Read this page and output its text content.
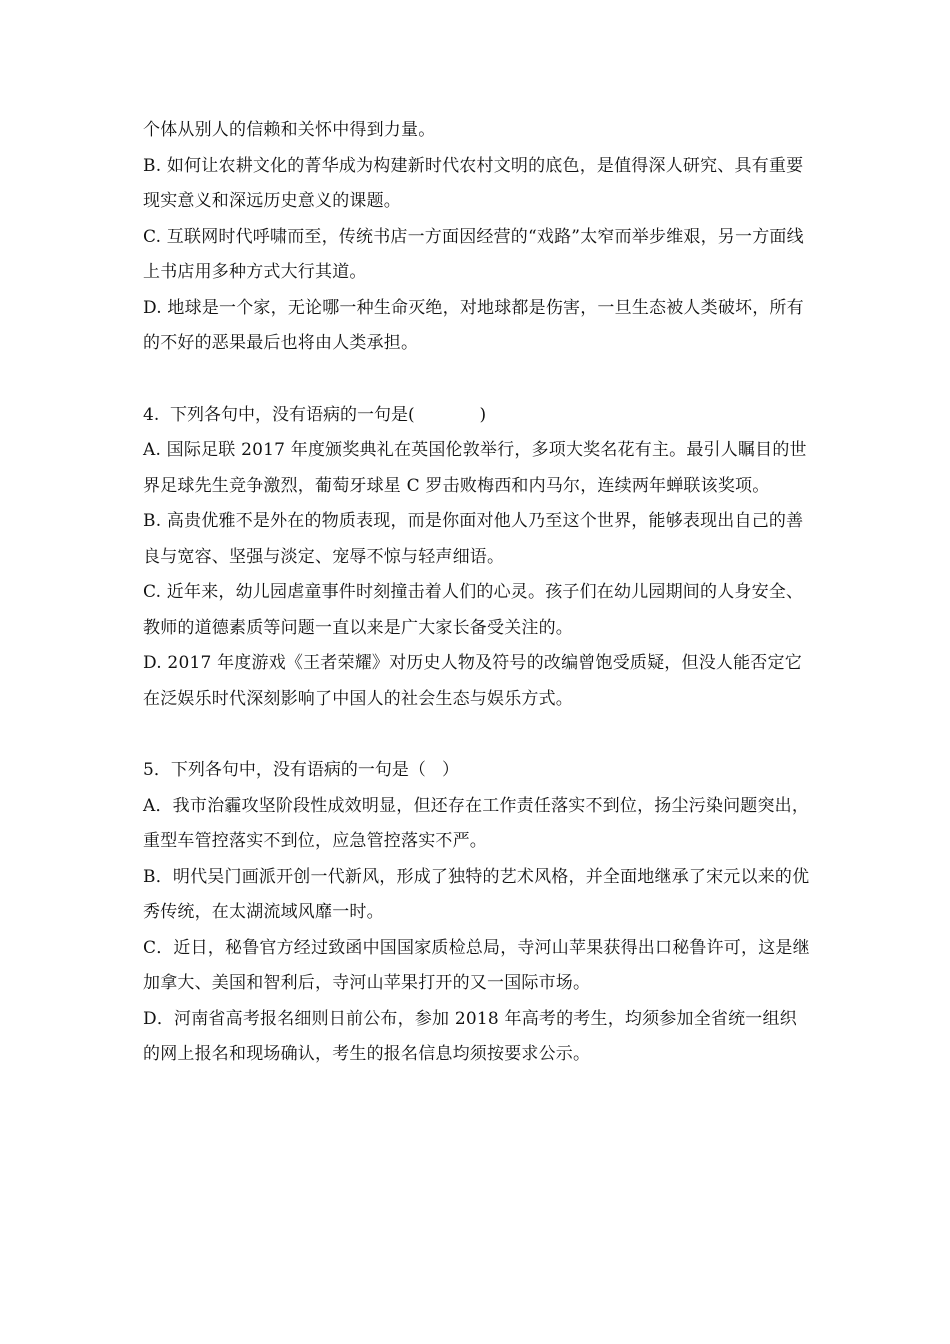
个体从别人的信赖和关怀中得到力量。

B. 如何让农耕文化的菁华成为构建新时代农村文明的底色，是值得深人研究、具有重要现实意义和深远历史意义的课题。

C. 互联网时代呼啸而至，传统书店一方面因经营的“戏路”太窄而举步维艰，另一方面线上书店用多种方式大行其道。

D. 地球是一个家，无论哪一种生命灭绝，对地球都是伤害，一旦生态被人类破坏，所有的不好的恶果最后也将由人类承担。

4.  下列各句中，没有语病的一句是(            )

A. 国际足联 2017 年度颁奖典礼在英国伦敦举行，多项大奖名花有主。最引人瞩目的世界足球先生竞争激烈，葡萄牙球星 C 罗击败梅西和内马尔，连续两年蝉联该奖项。

B. 高贵优雅不是外在的物质表现，而是你面对他人乃至这个世界，能够表现出自己的善良与宽容、坚强与淡定、宠辱不惊与轻声细语。

C. 近年来，幼儿园虐童事件时刻撞击着人们的心灵。孩子们在幼儿园期间的人身安全、教师的道德素质等问题一直以来是广大家长备受关注的。

D. 2017 年度游戏《王者荣耀》对历史人物及符号的改编曾饱受质疑，但没人能否定它在泛娱乐时代深刻影响了中国人的社会生态与娱乐方式。

5．下列各句中，没有语病的一句是（   ）

A．我市治霾攻坚阶段性成效明显，但还存在工作责任落实不到位，扬尘污染问题突出，重型车管控落实不到位，应急管控落实不严。

B．明代吴门画派开创一代新风，形成了独特的艺术风格，并全面地继承了宋元以来的优秀传统，在太湖流域风靡一时。

C．近日，秘鲁官方经过致函中国国家质检总局，寺河山苹果获得出口秘鲁许可，这是继加拿大、美国和智利后，寺河山苹果打开的又一国际市场。

D．河南省高考报名细则日前公布，参加 2018 年高考的考生，均须参加全省统一组织的网上报名和现场确认，考生的报名信息均须按要求公示。
